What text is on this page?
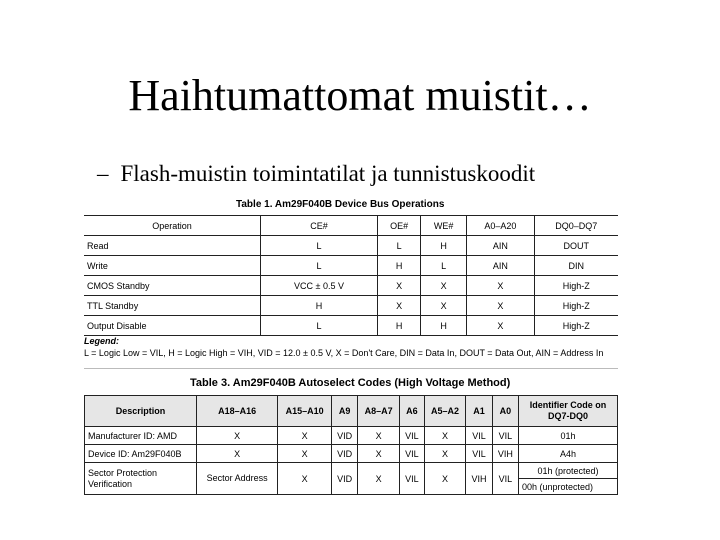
Haihtumattomat muistit…
– Flash-muistin toimintatilat ja tunnistuskoodit
Table 1. Am29F040B Device Bus Operations
Operation	CE#	OE#	WE#	A0–A20	DQ0–DQ7
Read	L	L	H	AIN	DOUT
Write	L	H	L	AIN	DIN
CMOS Standby	VCC ± 0.5 V	X	X	X	High-Z
TTL Standby	H	X	X	X	High-Z
Output Disable	L	H	H	X	High-Z
Legend:
L = Logic Low = VIL, H = Logic High = VIH, VID = 12.0 ± 0.5 V, X = Don't Care, DIN = Data In, DOUT = Data Out, AIN = Address In
Table 3. Am29F040B Autoselect Codes (High Voltage Method)
Description	A18–A16	A15–A10	A9	A8–A7	A6	A5–A2	A1	A0	Identifier Code on DQ7-DQ0
Manufacturer ID: AMD	X	X	VID	X	VIL	X	VIL	VIL	01h
Device ID: Am29F040B	X	X	VID	X	VIL	X	VIL	VIH	A4h
Sector Protection Verification	Sector Address	X	VID	X	VIL	X	VIH	VIL	01h (protected)
									00h (unprotected)
